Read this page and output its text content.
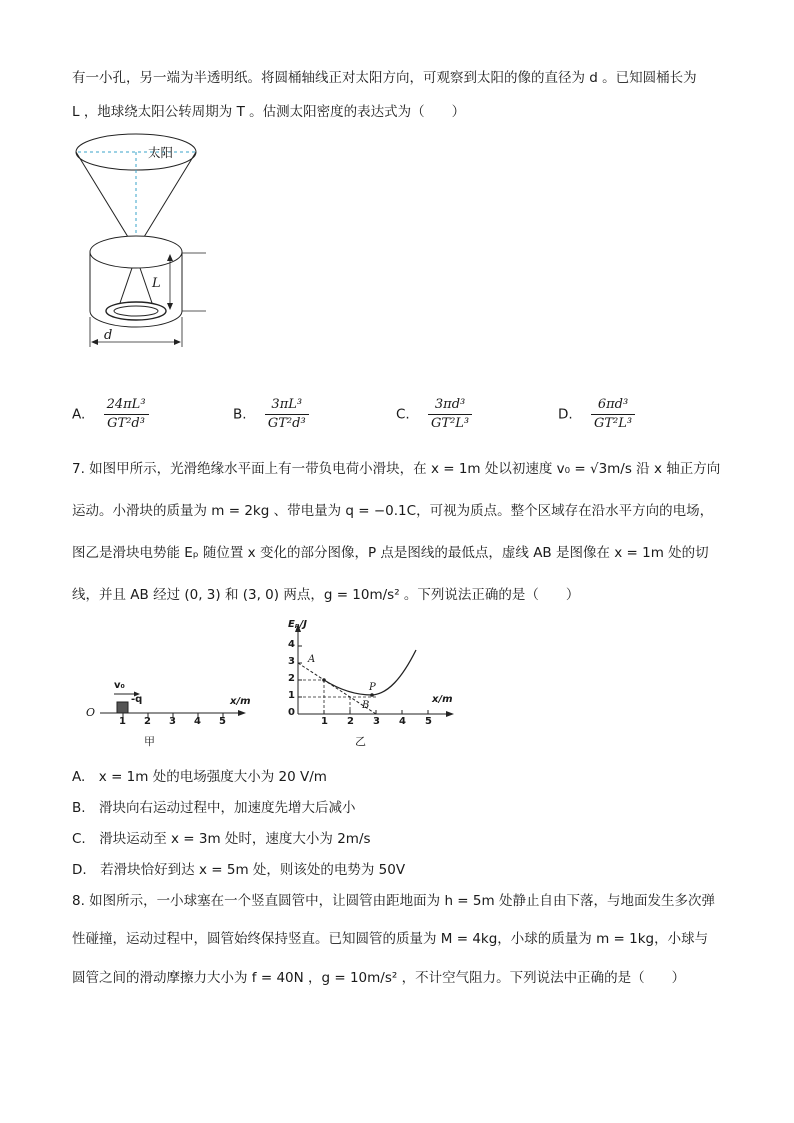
有一小孔，另一端为半透明纸。将圆桶轴线正对太阳方向，可观察到太阳的像的直径为 d 。已知圆桶长为
L ，地球绕太阳公转周期为 T 。估测太阳密度的表达式为（　　）
太阳
L
d
A. $\frac{\text{24πL³}}{\text{GT²d³}}$	B. $\frac{\text{3πL³}}{\text{GT²d³}}$	C. $\frac{\text{3πd³}}{\text{GT²L³}}$	D. $\frac{\text{6πd³}}{\text{GT²L³}}$
7. 如图甲所示，光滑绝缘水平面上有一带负电荷小滑块，在 x = 1m 处以初速度 v₀ = √3m/s 沿 x 轴正方向
运动。小滑块的质量为 m = 2kg 、带电量为 q = −0.1C，可视为质点。整个区域存在沿水平方向的电场，
图乙是滑块电势能 Eₚ 随位置 x 变化的部分图像，P 点是图线的最低点，虚线 AB 是图像在 x = 1m 处的切
线，并且 AB 经过 (0, 3) 和 (3, 0) 两点，g = 10m/s² 。下列说法正确的是（　　）
v₀
-q
O
x/m
1 2 3 4 5
甲
Eₚ/J
x/m
4
3
2
1
0
1 2 3 4 5
A
P
B
乙
A.　x = 1m 处的电场强度大小为 20 V/m
B.　滑块向右运动过程中，加速度先增大后减小
C.　滑块运动至 x = 3m 处时，速度大小为 2m/s
D.　若滑块恰好到达 x = 5m 处，则该处的电势为 50V
8. 如图所示，一小球塞在一个竖直圆管中，让圆管由距地面为 h = 5m 处静止自由下落，与地面发生多次弹
性碰撞，运动过程中，圆管始终保持竖直。已知圆管的质量为 M = 4kg，小球的质量为 m = 1kg，小球与
圆管之间的滑动摩擦力大小为 f = 40N ，g = 10m/s² ，不计空气阻力。下列说法中正确的是（　　）
